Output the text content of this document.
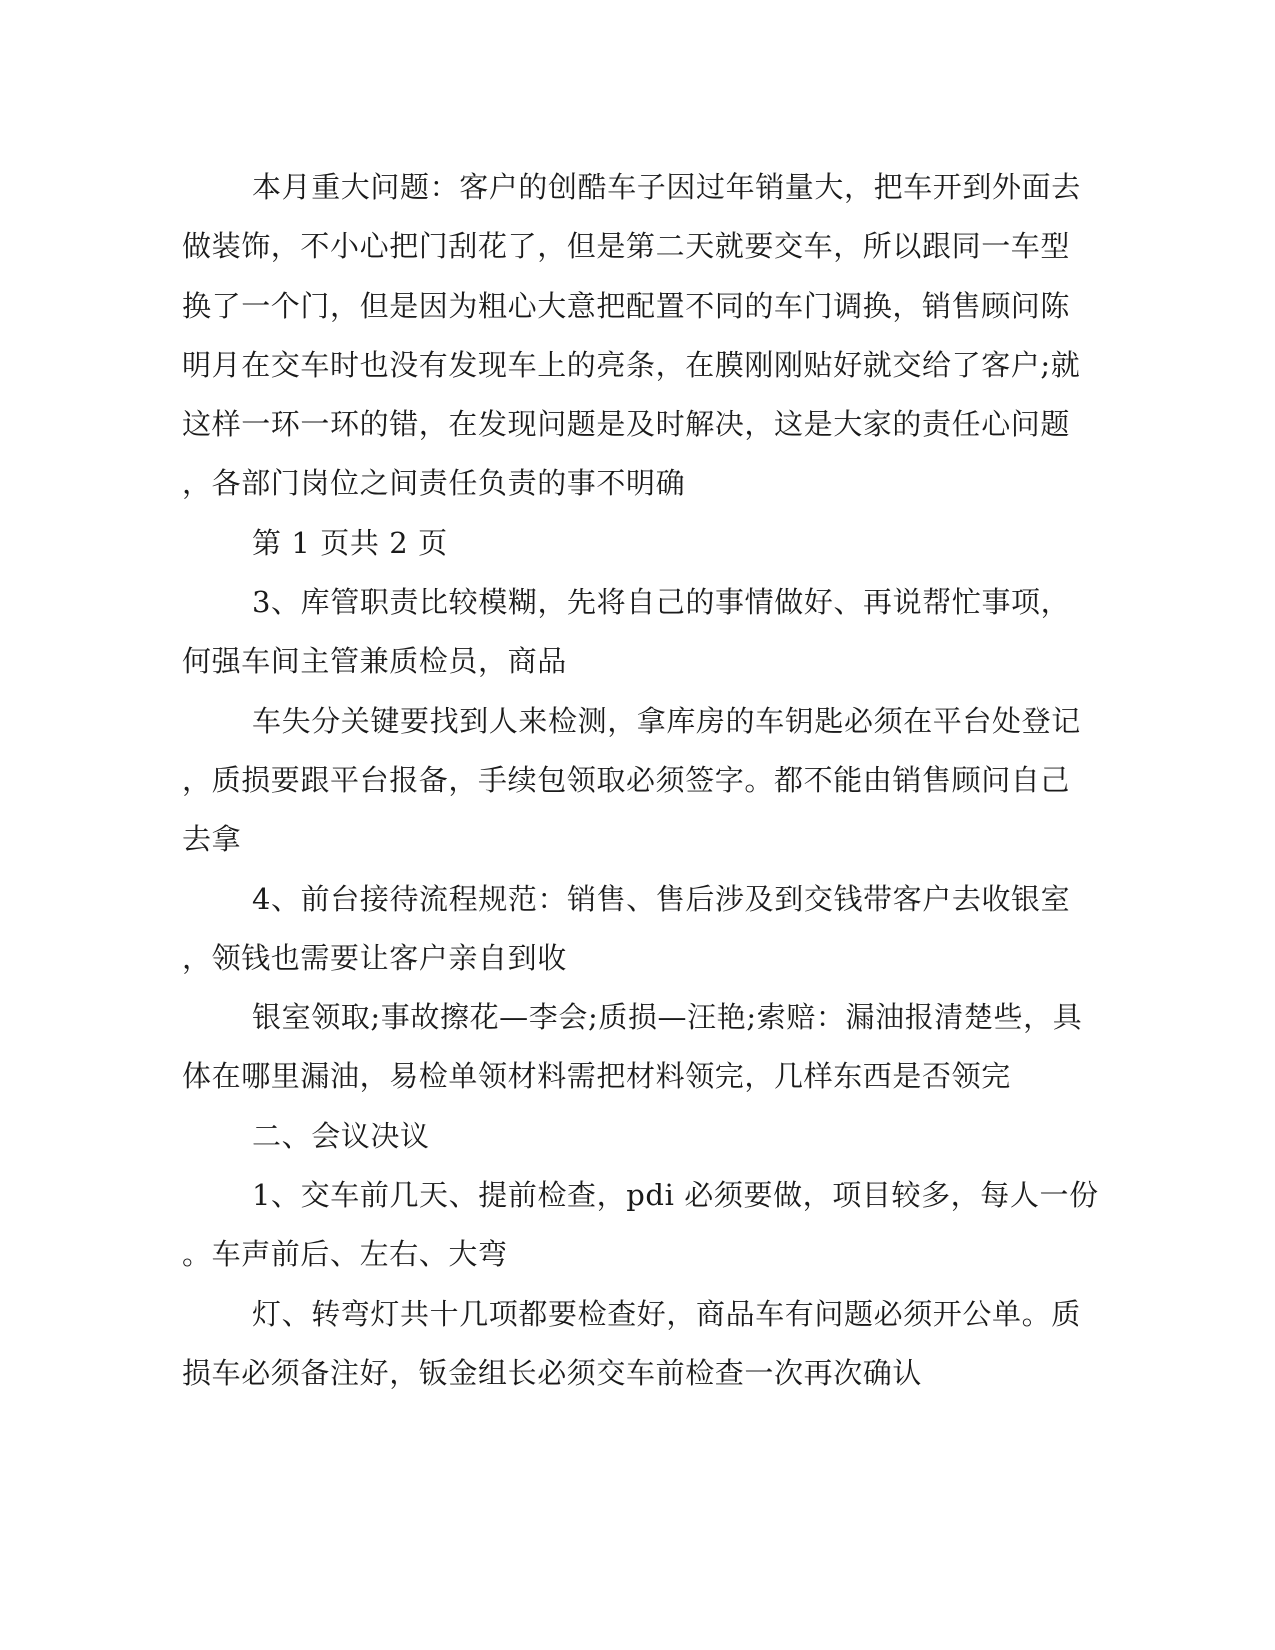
本月重大问题：客户的创酷车子因过年销量大，把车开到外面去
做装饰，不小心把门刮花了，但是第二天就要交车，所以跟同一车型
换了一个门，但是因为粗心大意把配置不同的车门调换，销售顾问陈
明月在交车时也没有发现车上的亮条，在膜刚刚贴好就交给了客户;就
这样一环一环的错，在发现问题是及时解决，这是大家的责任心问题
，各部门岗位之间责任负责的事不明确
第 1 页共 2 页
3、库管职责比较模糊，先将自己的事情做好、再说帮忙事项，
何强车间主管兼质检员，商品
车失分关键要找到人来检测，拿库房的车钥匙必须在平台处登记
，质损要跟平台报备，手续包领取必须签字。都不能由销售顾问自己
去拿
4、前台接待流程规范：销售、售后涉及到交钱带客户去收银室
，领钱也需要让客户亲自到收
银室领取;事故擦花—李会;质损—汪艳;索赔：漏油报清楚些，具
体在哪里漏油，易检单领材料需把材料领完，几样东西是否领完
二、会议决议
1、交车前几天、提前检查，pdi 必须要做，项目较多，每人一份
。车声前后、左右、大弯
灯、转弯灯共十几项都要检查好，商品车有问题必须开公单。质
损车必须备注好，钣金组长必须交车前检查一次再次确认
